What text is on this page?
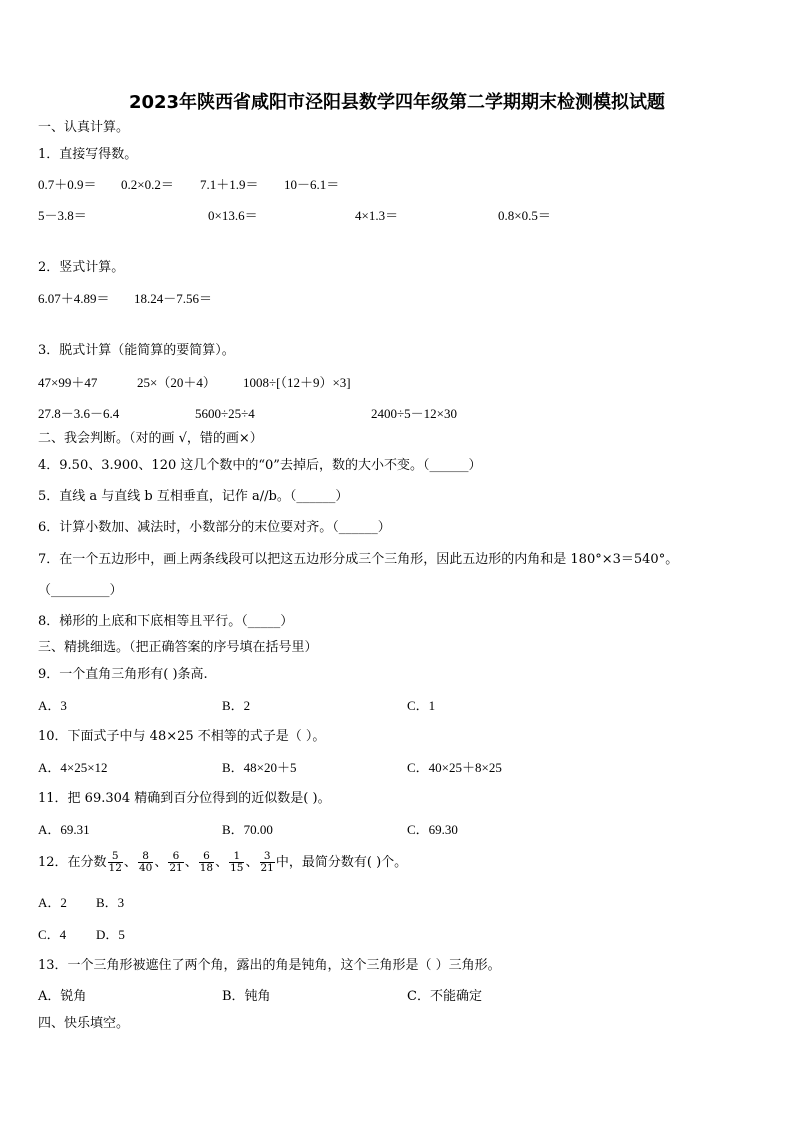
2023年陕西省咸阳市泾阳县数学四年级第二学期期末检测模拟试题
一、认真计算。
1．直接写得数。
0.7＋0.9＝ 0.2×0.2＝ 7.1＋1.9＝ 10－6.1＝
5－3.8＝	0×13.6＝	4×1.3＝	0.8×0.5＝
2．竖式计算。
6.07＋4.89＝ 18.24－7.56＝
3．脱式计算（能简算的要简算）。
47×99＋47	25×（20＋4） 1008÷[（12＋9）×3]
27.8－3.6－6.4	5600÷25÷4	2400÷5－12×30
二、我会判断。（对的画 √，错的画×）
4．9.50、3.900、120 这几个数中的“0”去掉后，数的大小不变。（______）
5．直线 a 与直线 b 互相垂直，记作 a//b。（______）
6．计算小数加、减法时，小数部分的末位要对齐。（______）
7．在一个五边形中，画上两条线段可以把这五边形分成三个三角形，因此五边形的内角和是 180°×3＝540°。
（_________）
8．梯形的上底和下底相等且平行。（_____）
三、精挑细选。（把正确答案的序号填在括号里）
9．一个直角三角形有( )条高.
A．3	B．2	C．1
10．下面式子中与 48×25 不相等的式子是（ ）。
A．4×25×12	B．48×20＋5	C．40×25＋8×25
11．把 69.304 精确到百分位得到的近似数是( )。
A．69.31	B．70.00	C．69.30
12．在分数 $\frac{5}{12}$ 、 $\frac{8}{40}$ 、 $\frac{6}{21}$ 、 $\frac{6}{18}$ 、 $\frac{1}{15}$ 、 $\frac{3}{21}$ 中，最简分数有( )个。
A．2 B．3
C．4 D．5
13．一个三角形被遮住了两个角，露出的角是钝角，这个三角形是（ ）三角形。
A．锐角	B．钝角	C．不能确定
四、快乐填空。
